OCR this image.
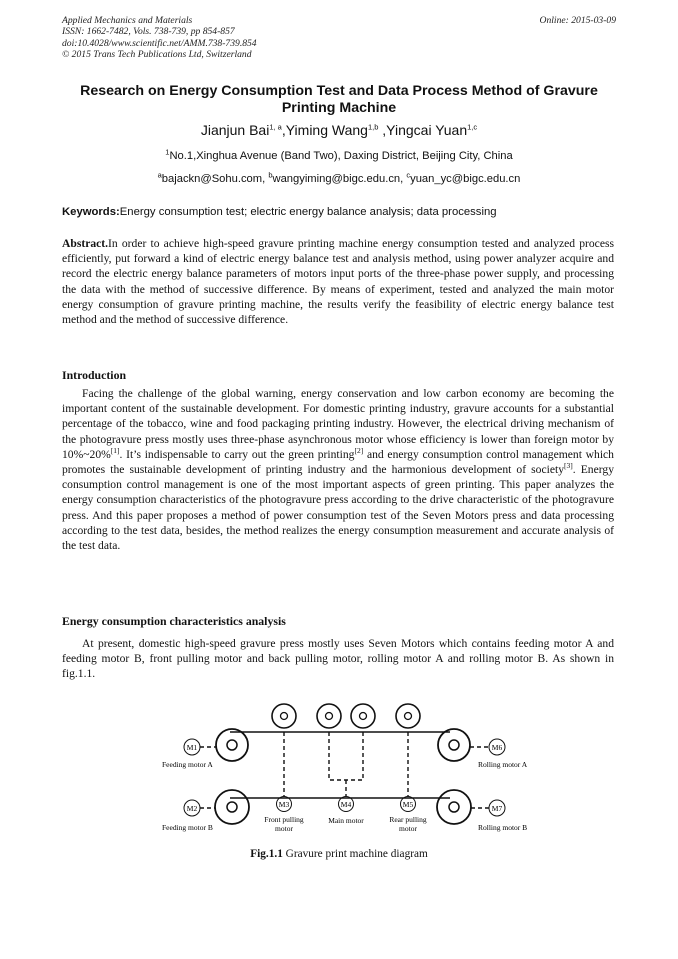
Applied Mechanics and Materials
ISSN: 1662-7482, Vols. 738-739, pp 854-857
doi:10.4028/www.scientific.net/AMM.738-739.854
© 2015 Trans Tech Publications Ltd, Switzerland
Online: 2015-03-09
Research on Energy Consumption Test and Data Process Method of Gravure Printing Machine
Jianjun Bai$^{1, a}$,Yiming Wang$^{1,b}$ ,Yingcai Yuan$^{1,c}$
$^1$No.1,Xinghua Avenue (Band Two), Daxing District, Beijing City, China
$^a$bajackn@Sohu.com, $^b$wangyiming@bigc.edu.cn, $^c$yuan_yc@bigc.edu.cn
Keywords:Energy consumption test; electric energy balance analysis; data processing
Abstract.In order to achieve high-speed gravure printing machine energy consumption tested and analyzed process efficiently, put forward a kind of electric energy balance test and analysis method, using power analyzer acquire and record the electric energy balance parameters of motors input ports of the three-phase power supply, and processing the data with the method of successive difference. By means of experiment, tested and analyzed the main motor energy consumption of gravure printing machine, the results verify the feasibility of electric energy balance test method and the method of successive difference.
Introduction
Facing the challenge of the global warning, energy conservation and low carbon economy are becoming the important content of the sustainable development. For domestic printing industry, gravure accounts for a substantial percentage of the tobacco, wine and food packaging printing industry. However, the electrical driving mechanism of the photogravure press mostly uses three-phase asynchronous motor whose efficiency is lower than foreign motor by 10%~20%[1]. It’s indispensable to carry out the green printing[2] and energy consumption control management which promotes the sustainable development of printing industry and the harmonious development of society[3]. Energy consumption control management is one of the most important aspects of green printing. This paper analyzes the energy consumption characteristics of the photogravure press according to the drive characteristic of the photogravure press. And this paper proposes a method of power consumption test of the Seven Motors press and data processing according to the test data, besides, the method realizes the energy consumption measurement and accurate analysis of the test data.
Energy consumption characteristics analysis
At present, domestic high-speed gravure press mostly uses Seven Motors which contains feeding motor A and feeding motor B, front pulling motor and back pulling motor, rolling motor A and rolling motor B. As shown in fig.1.1.
M1
M2
M6
M7
M3	M4	M5
Feeding motor A
Feeding motor B
Rolling motor A
Rolling motor B
Front pulling
motor
Main motor	Rear pulling
motor
Fig.1.1 Gravure print machine diagram
